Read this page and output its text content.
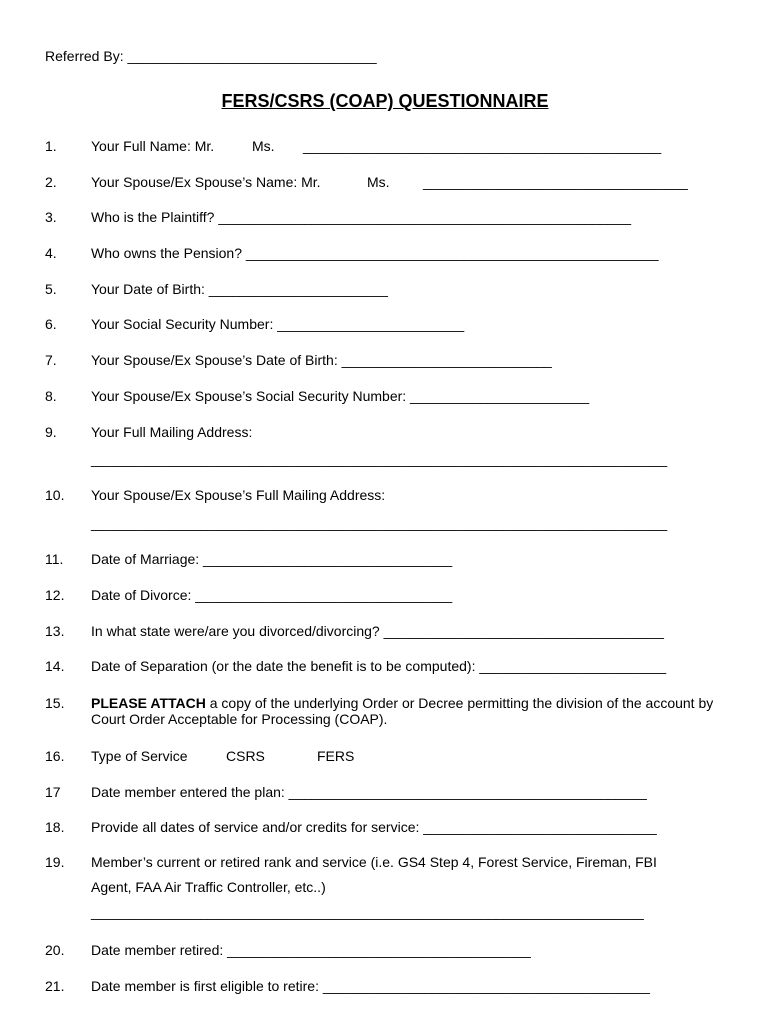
Referred By: ________________________________
FERS/CSRS (COAP) QUESTIONNAIRE
1. Your Full Name: Mr.	Ms. ______________________________________________
2. Your Spouse/Ex Spouse’s Name: Mr.	Ms. __________________________________
3. Who is the Plaintiff? _____________________________________________________
4. Who owns the Pension? _____________________________________________________
5. Your Date of Birth: _______________________
6. Your Social Security Number: ________________________
7. Your Spouse/Ex Spouse’s Date of Birth: ___________________________
8. Your Spouse/Ex Spouse’s Social Security Number: _______________________
9. Your Full Mailing Address:
__________________________________________________________________________
10. Your Spouse/Ex Spouse’s Full Mailing Address:
__________________________________________________________________________
11. Date of Marriage: ________________________________
12. Date of Divorce: _________________________________
13. In what state were/are you divorced/divorcing? ____________________________________
14. Date of Separation (or the date the benefit is to be computed): ________________________
15. PLEASE ATTACH a copy of the underlying Order or Decree permitting the division of the account by Court Order Acceptable for Processing (COAP).
16. Type of Service	CSRS	FERS
17 Date member entered the plan: ______________________________________________
18. Provide all dates of service and/or credits for service: ______________________________
19. Member’s current or retired rank and service (i.e. GS4 Step 4, Forest Service, Fireman, FBI
Agent, FAA Air Traffic Controller, etc..)
_______________________________________________________________________
20. Date member retired: _______________________________________
21. Date member is first eligible to retire: __________________________________________
